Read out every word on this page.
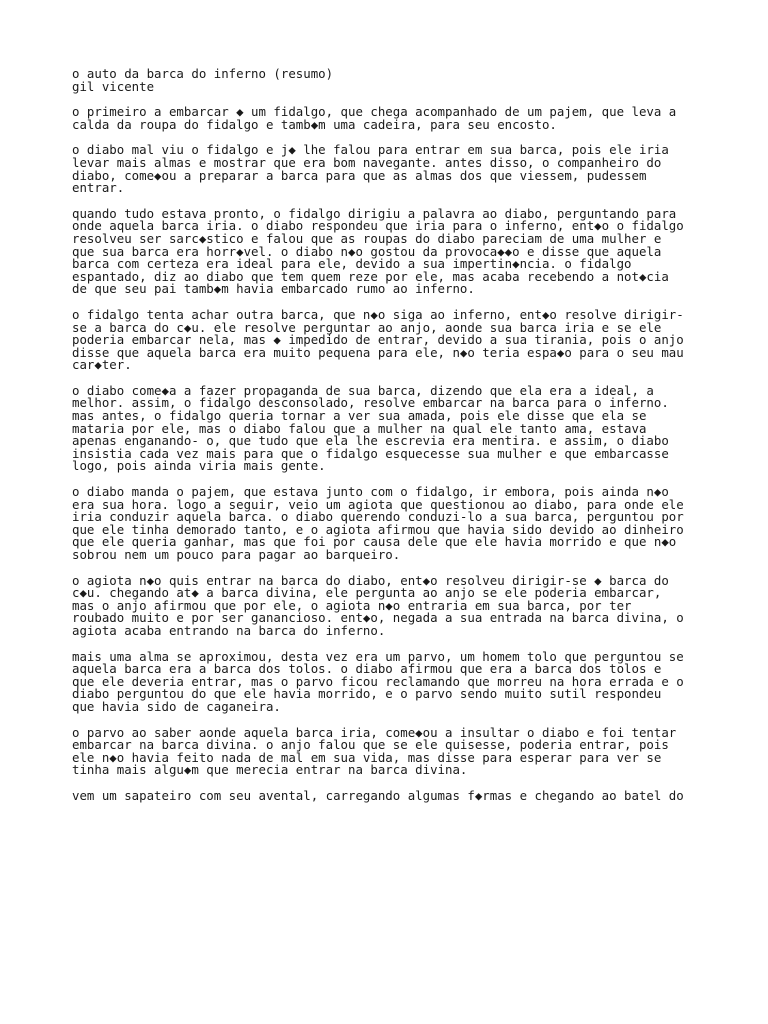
o auto da barca do inferno (resumo)
gil vicente
o primeiro a embarcar ◆ um fidalgo, que chega acompanhado de um pajem, que leva a
calda da roupa do fidalgo e tamb◆m uma cadeira, para seu encosto.
o diabo mal viu o fidalgo e j◆ lhe falou para entrar em sua barca, pois ele iria
levar mais almas e mostrar que era bom navegante. antes disso, o companheiro do
diabo, come◆ou a preparar a barca para que as almas dos que viessem, pudessem
entrar.
quando tudo estava pronto, o fidalgo dirigiu a palavra ao diabo, perguntando para
onde aquela barca iria. o diabo respondeu que iria para o inferno, ent◆o o fidalgo
resolveu ser sarc◆stico e falou que as roupas do diabo pareciam de uma mulher e
que sua barca era horr◆vel. o diabo n◆o gostou da provoca◆◆o e disse que aquela
barca com certeza era ideal para ele, devido a sua impertin◆ncia. o fidalgo
espantado, diz ao diabo que tem quem reze por ele, mas acaba recebendo a not◆cia
de que seu pai tamb◆m havia embarcado rumo ao inferno.
o fidalgo tenta achar outra barca, que n◆o siga ao inferno, ent◆o resolve dirigir-
se a barca do c◆u. ele resolve perguntar ao anjo, aonde sua barca iria e se ele
poderia embarcar nela, mas ◆ impedido de entrar, devido a sua tirania, pois o anjo
disse que aquela barca era muito pequena para ele, n◆o teria espa◆o para o seu mau
car◆ter.
o diabo come◆a a fazer propaganda de sua barca, dizendo que ela era a ideal, a
melhor. assim, o fidalgo desconsolado, resolve embarcar na barca para o inferno.
mas antes, o fidalgo queria tornar a ver sua amada, pois ele disse que ela se
mataria por ele, mas o diabo falou que a mulher na qual ele tanto ama, estava
apenas enganando- o, que tudo que ela lhe escrevia era mentira. e assim, o diabo
insistia cada vez mais para que o fidalgo esquecesse sua mulher e que embarcasse
logo, pois ainda viria mais gente.
o diabo manda o pajem, que estava junto com o fidalgo, ir embora, pois ainda n◆o
era sua hora. logo a seguir, veio um agiota que questionou ao diabo, para onde ele
iria conduzir aquela barca. o diabo querendo conduzi-lo a sua barca, perguntou por
que ele tinha demorado tanto, e o agiota afirmou que havia sido devido ao dinheiro
que ele queria ganhar, mas que foi por causa dele que ele havia morrido e que n◆o
sobrou nem um pouco para pagar ao barqueiro.
o agiota n◆o quis entrar na barca do diabo, ent◆o resolveu dirigir-se ◆ barca do
c◆u. chegando at◆ a barca divina, ele pergunta ao anjo se ele poderia embarcar,
mas o anjo afirmou que por ele, o agiota n◆o entraria em sua barca, por ter
roubado muito e por ser ganancioso. ent◆o, negada a sua entrada na barca divina, o
agiota acaba entrando na barca do inferno.
mais uma alma se aproximou, desta vez era um parvo, um homem tolo que perguntou se
aquela barca era a barca dos tolos. o diabo afirmou que era a barca dos tolos e
que ele deveria entrar, mas o parvo ficou reclamando que morreu na hora errada e o
diabo perguntou do que ele havia morrido, e o parvo sendo muito sutil respondeu
que havia sido de caganeira.
o parvo ao saber aonde aquela barca iria, come◆ou a insultar o diabo e foi tentar
embarcar na barca divina. o anjo falou que se ele quisesse, poderia entrar, pois
ele n◆o havia feito nada de mal em sua vida, mas disse para esperar para ver se
tinha mais algu◆m que merecia entrar na barca divina.
vem um sapateiro com seu avental, carregando algumas f◆rmas e chegando ao batel do
